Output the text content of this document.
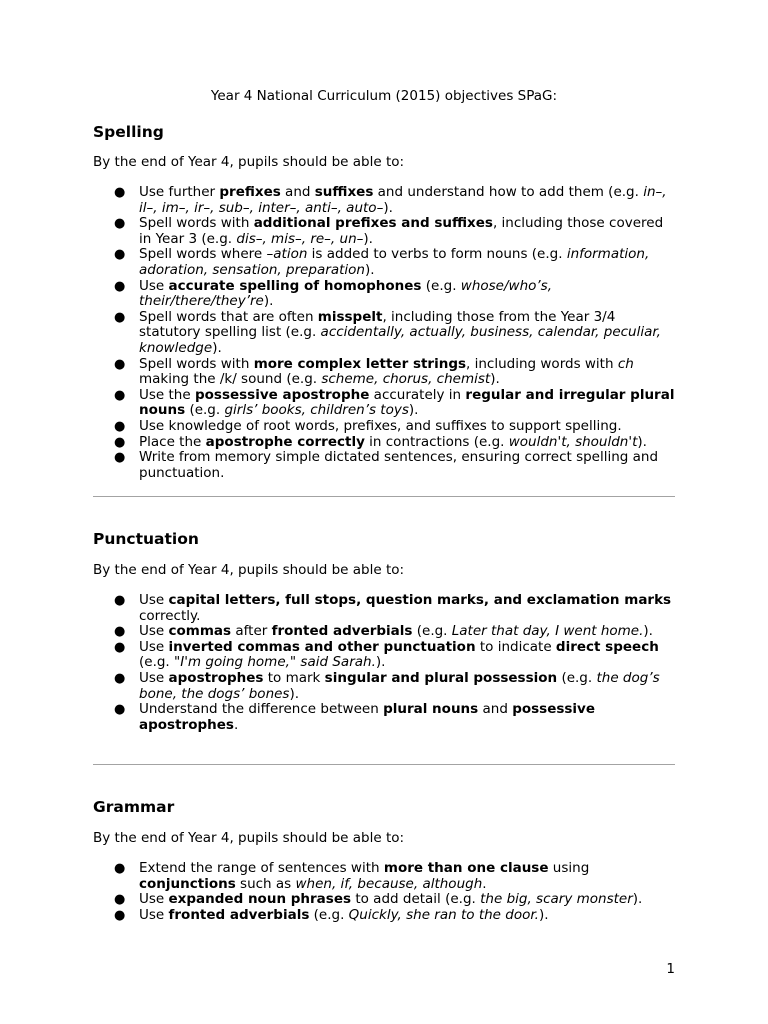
Year 4 National Curriculum (2015) objectives SPaG:
Spelling

By the end of Year 4, pupils should be able to:

● Use further prefixes and suffixes and understand how to add them (e.g. in–, il–, im–, ir–, sub–, inter–, anti–, auto–).
● Spell words with additional prefixes and suffixes, including those covered in Year 3 (e.g. dis–, mis–, re–, un–).
● Spell words where –ation is added to verbs to form nouns (e.g. information, adoration, sensation, preparation).
● Use accurate spelling of homophones (e.g. whose/who’s, their/there/they’re).
● Spell words that are often misspelt, including those from the Year 3/4 statutory spelling list (e.g. accidentally, actually, business, calendar, peculiar, knowledge).
● Spell words with more complex letter strings, including words with ch making the /k/ sound (e.g. scheme, chorus, chemist).
● Use the possessive apostrophe accurately in regular and irregular plural nouns (e.g. girls’ books, children’s toys).
● Use knowledge of root words, prefixes, and suffixes to support spelling.
● Place the apostrophe correctly in contractions (e.g. wouldn't, shouldn't).
● Write from memory simple dictated sentences, ensuring correct spelling and punctuation.
Punctuation

By the end of Year 4, pupils should be able to:

● Use capital letters, full stops, question marks, and exclamation marks correctly.
● Use commas after fronted adverbials (e.g. Later that day, I went home.).
● Use inverted commas and other punctuation to indicate direct speech (e.g. "I'm going home," said Sarah.).
● Use apostrophes to mark singular and plural possession (e.g. the dog’s bone, the dogs’ bones).
● Understand the difference between plural nouns and possessive apostrophes.
Grammar

By the end of Year 4, pupils should be able to:

● Extend the range of sentences with more than one clause using conjunctions such as when, if, because, although.
● Use expanded noun phrases to add detail (e.g. the big, scary monster).
● Use fronted adverbials (e.g. Quickly, she ran to the door.).
1
